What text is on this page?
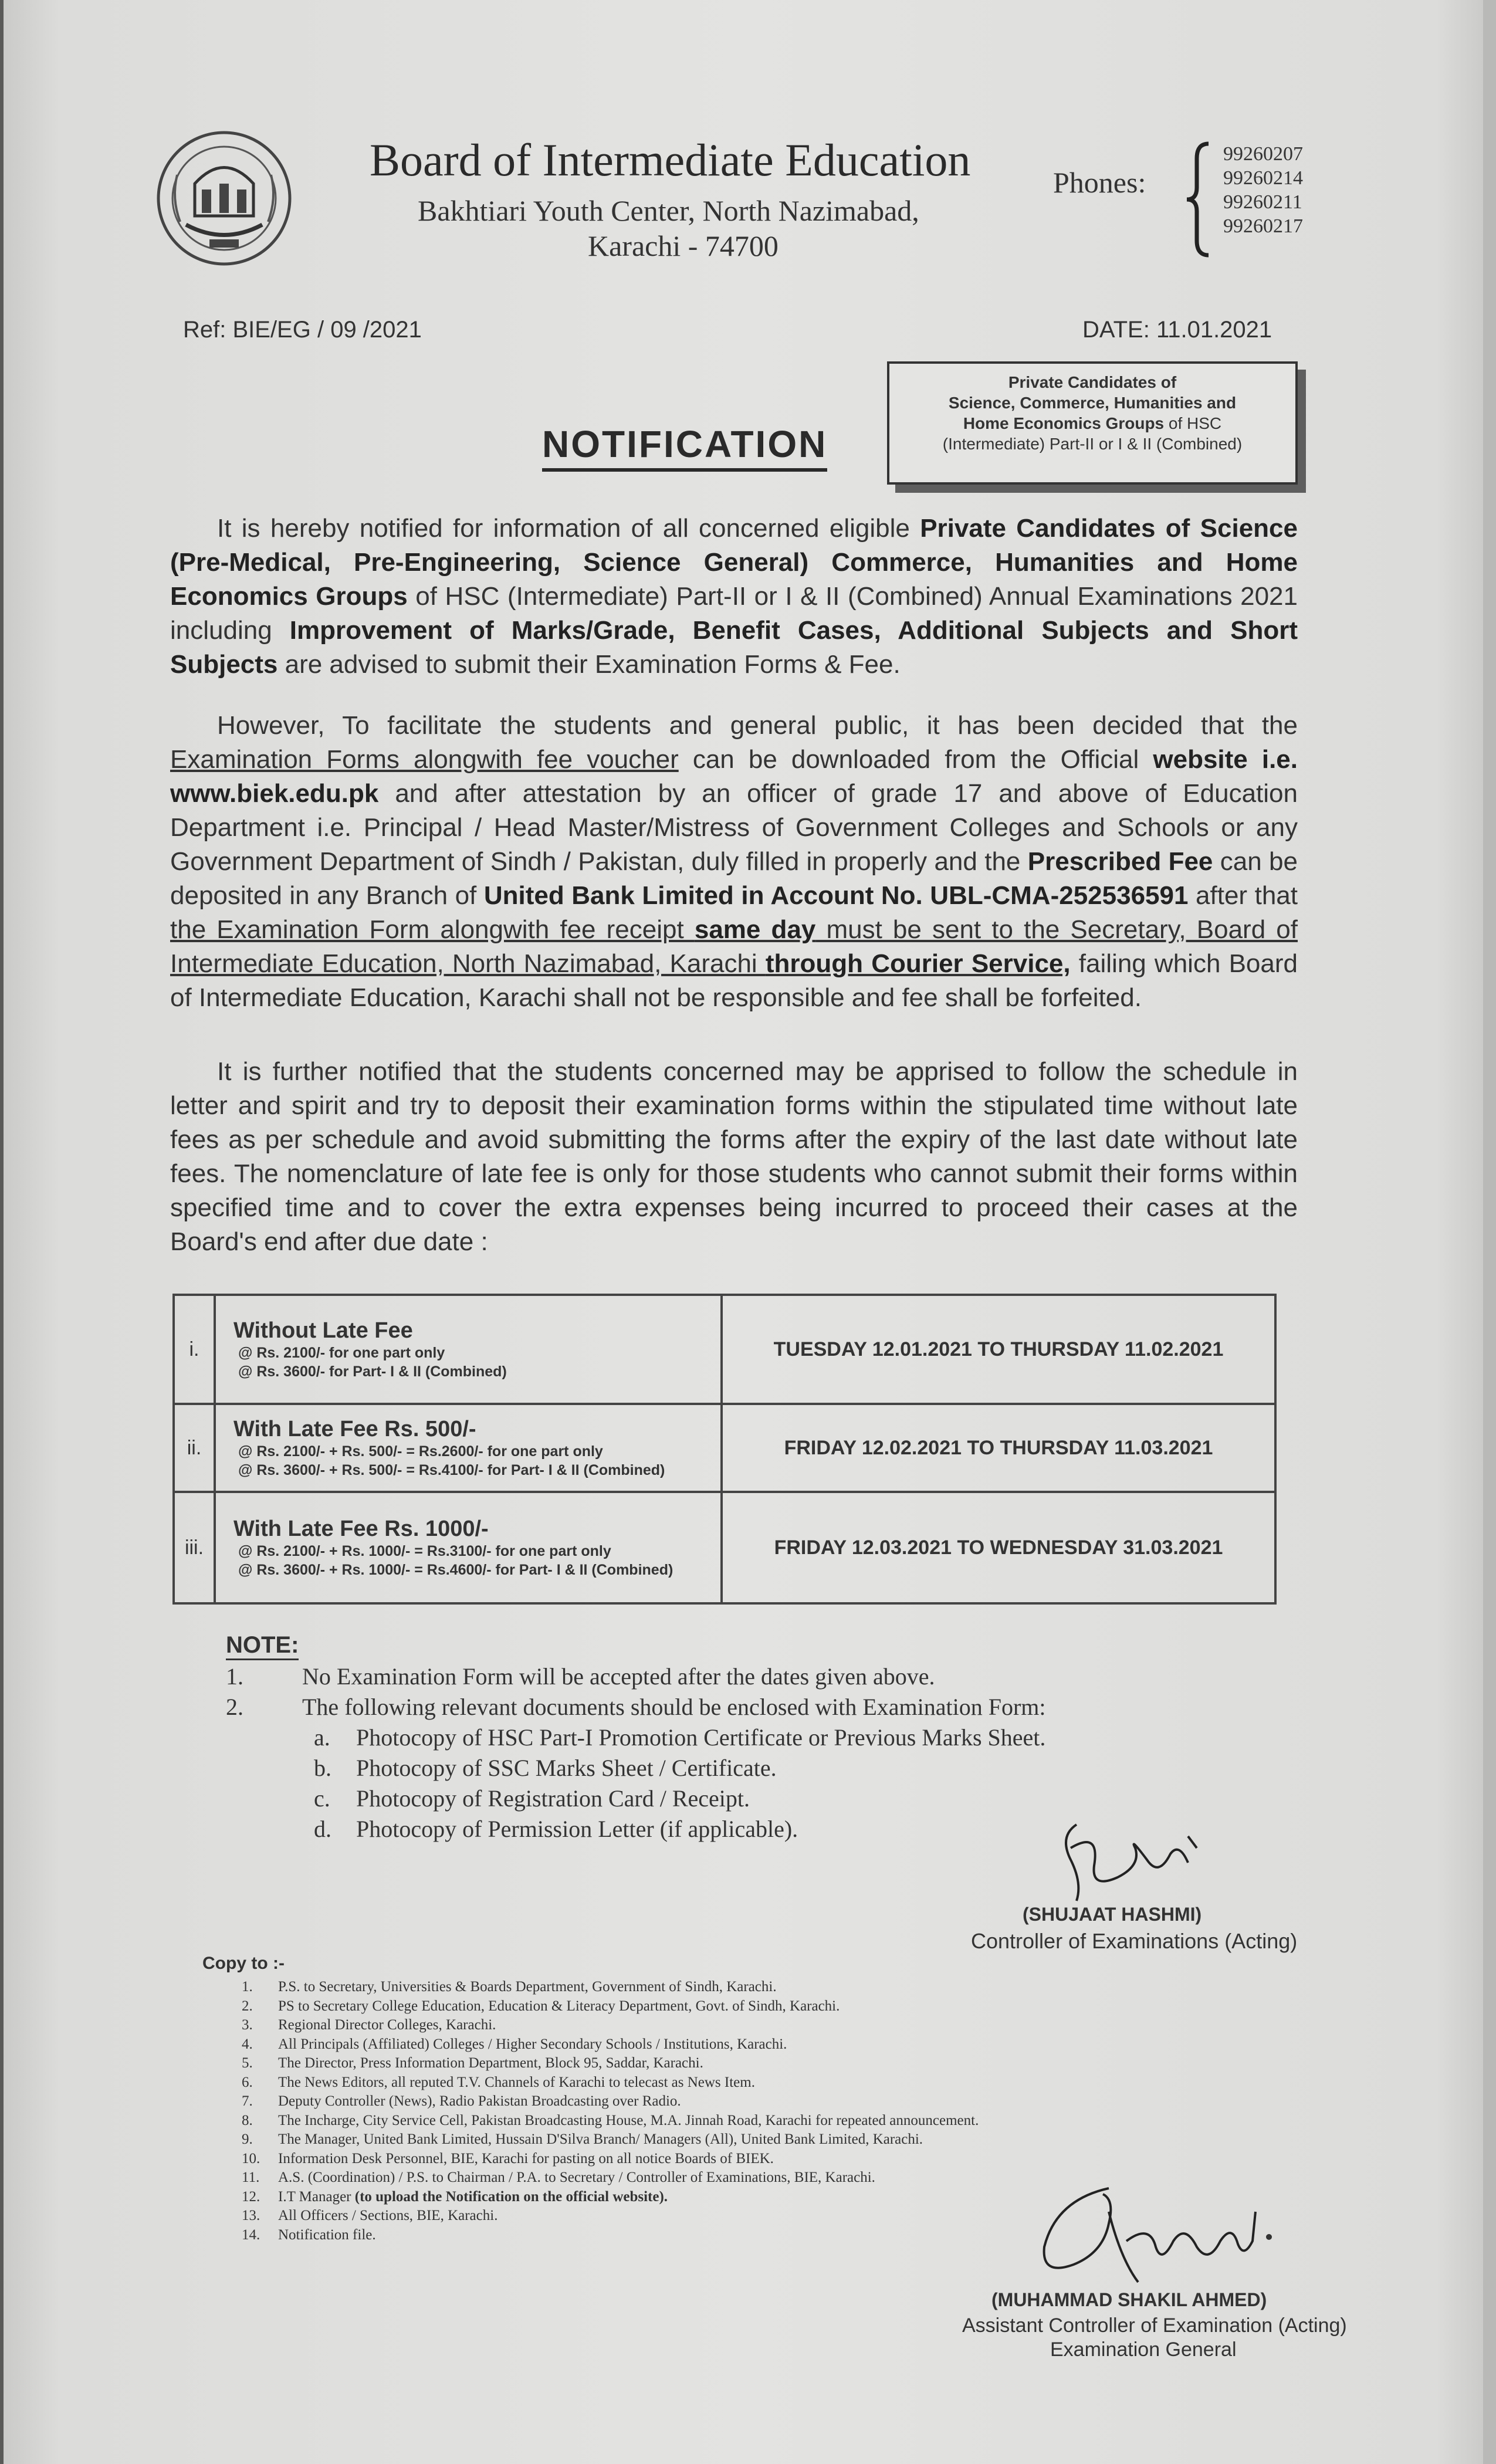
Board of Intermediate Education
Bakhtiari Youth Center, North Nazimabad,
Karachi - 74700
Phones:
99260207
99260214
99260211
99260217
Ref: BIE/EG / 09 /2021	DATE: 11.01.2021
NOTIFICATION
Private Candidates of
Science, Commerce, Humanities and
Home Economics Groups of HSC
(Intermediate) Part-II or I & II (Combined)
It is hereby notified for information of all concerned eligible Private Candidates of Science (Pre-Medical, Pre-Engineering, Science General) Commerce, Humanities and Home Economics Groups of HSC (Intermediate) Part-II or I & II (Combined) Annual Examinations 2021 including Improvement of Marks/Grade, Benefit Cases, Additional Subjects and Short Subjects are advised to submit their Examination Forms & Fee.
However, To facilitate the students and general public, it has been decided that the Examination Forms alongwith fee voucher can be downloaded from the Official website i.e. www.biek.edu.pk and after attestation by an officer of grade 17 and above of Education Department i.e. Principal / Head Master/Mistress of Government Colleges and Schools or any Government Department of Sindh / Pakistan, duly filled in properly and the Prescribed Fee can be deposited in any Branch of United Bank Limited in Account No. UBL-CMA-252536591 after that the Examination Form alongwith fee receipt same day must be sent to the Secretary, Board of Intermediate Education, North Nazimabad, Karachi through Courier Service, failing which Board of Intermediate Education, Karachi shall not be responsible and fee shall be forfeited.
It is further notified that the students concerned may be apprised to follow the schedule in letter and spirit and try to deposit their examination forms within the stipulated time without late fees as per schedule and avoid submitting the forms after the expiry of the last date without late fees. The nomenclature of late fee is only for those students who cannot submit their forms within specified time and to cover the extra expenses being incurred to proceed their cases at the Board's end after due date :
i.	Without Late Fee
@ Rs. 2100/- for one part only
@ Rs. 3600/- for Part- I & II (Combined)	TUESDAY 12.01.2021 TO THURSDAY 11.02.2021
ii.	With Late Fee Rs. 500/-
@ Rs. 2100/- + Rs. 500/- = Rs.2600/- for one part only
@ Rs. 3600/- + Rs. 500/- = Rs.4100/- for Part- I & II (Combined)	FRIDAY 12.02.2021 TO THURSDAY 11.03.2021
iii.	With Late Fee Rs. 1000/-
@ Rs. 2100/- + Rs. 1000/- = Rs.3100/- for one part only
@ Rs. 3600/- + Rs. 1000/- = Rs.4600/- for Part- I & II (Combined)	FRIDAY 12.03.2021 TO WEDNESDAY 31.03.2021
NOTE:
1.	No Examination Form will be accepted after the dates given above.
2.	The following relevant documents should be enclosed with Examination Form:
a.	Photocopy of HSC Part-I Promotion Certificate or Previous Marks Sheet.
b.	Photocopy of SSC Marks Sheet / Certificate.
c.	Photocopy of Registration Card / Receipt.
d.	Photocopy of Permission Letter (if applicable).
(SHUJAAT HASHMI)
Controller of Examinations (Acting)
Copy to :-
1.	P.S. to Secretary, Universities & Boards Department, Government of Sindh, Karachi.
2.	PS to Secretary College Education, Education & Literacy Department, Govt. of Sindh, Karachi.
3.	Regional Director Colleges, Karachi.
4.	All Principals (Affiliated) Colleges / Higher Secondary Schools / Institutions, Karachi.
5.	The Director, Press Information Department, Block 95, Saddar, Karachi.
6.	The News Editors, all reputed T.V. Channels of Karachi to telecast as News Item.
7.	Deputy Controller (News), Radio Pakistan Broadcasting over Radio.
8.	The Incharge, City Service Cell, Pakistan Broadcasting House, M.A. Jinnah Road, Karachi for repeated announcement.
9.	The Manager, United Bank Limited, Hussain D'Silva Branch/ Managers (All), United Bank Limited, Karachi.
10.	Information Desk Personnel, BIE, Karachi for pasting on all notice Boards of BIEK.
11.	A.S. (Coordination) / P.S. to Chairman / P.A. to Secretary / Controller of Examinations, BIE, Karachi.
12.	I.T Manager (to upload the Notification on the official website).
13.	All Officers / Sections, BIE, Karachi.
14.	Notification file.
(MUHAMMAD SHAKIL AHMED)
Assistant Controller of Examination (Acting)
Examination General
